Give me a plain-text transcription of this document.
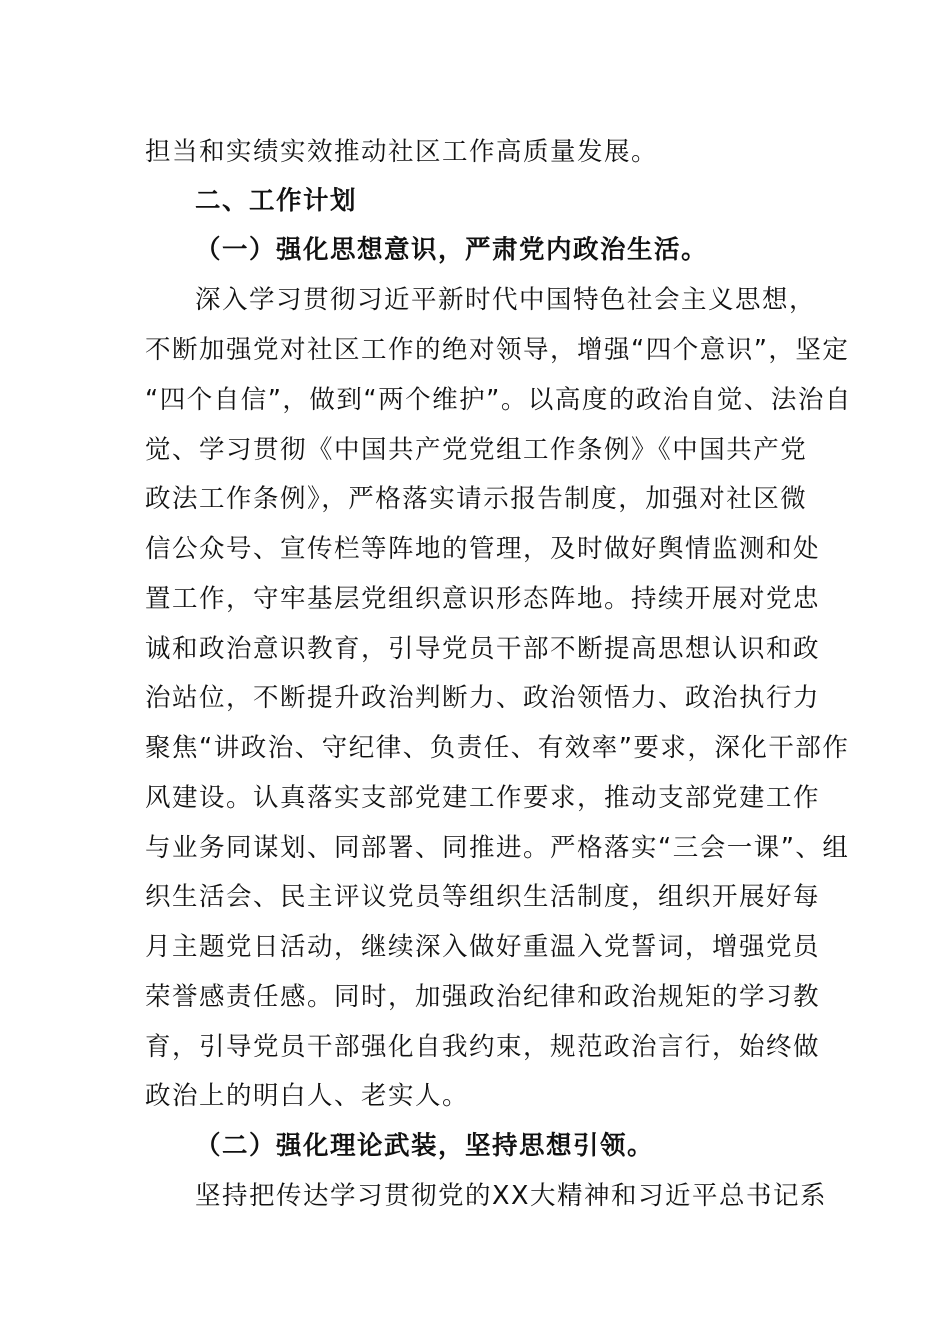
担当和实绩实效推动社区工作高质量发展。
二、工作计划
（一）强化思想意识，严肃党内政治生活。
深入学习贯彻习近平新时代中国特色社会主义思想，
不断加强党对社区工作的绝对领导，增强“四个意识”，坚定
“四个自信”，做到“两个维护”。以高度的政治自觉、法治自
觉、学习贯彻《中国共产党党组工作条例》《中国共产党
政法工作条例》，严格落实请示报告制度，加强对社区微
信公众号、宣传栏等阵地的管理，及时做好舆情监测和处
置工作，守牢基层党组织意识形态阵地。持续开展对党忠
诚和政治意识教育，引导党员干部不断提高思想认识和政
治站位，不断提升政治判断力、政治领悟力、政治执行力
聚焦“讲政治、守纪律、负责任、有效率”要求，深化干部作
风建设。认真落实支部党建工作要求，推动支部党建工作
与业务同谋划、同部署、同推进。严格落实“三会一课”、组
织生活会、民主评议党员等组织生活制度，组织开展好每
月主题党日活动，继续深入做好重温入党誓词，增强党员
荣誉感责任感。同时，加强政治纪律和政治规矩的学习教
育，引导党员干部强化自我约束，规范政治言行，始终做
政治上的明白人、老实人。
（二）强化理论武装，坚持思想引领。
坚持把传达学习贯彻党的XX大精神和习近平总书记系
